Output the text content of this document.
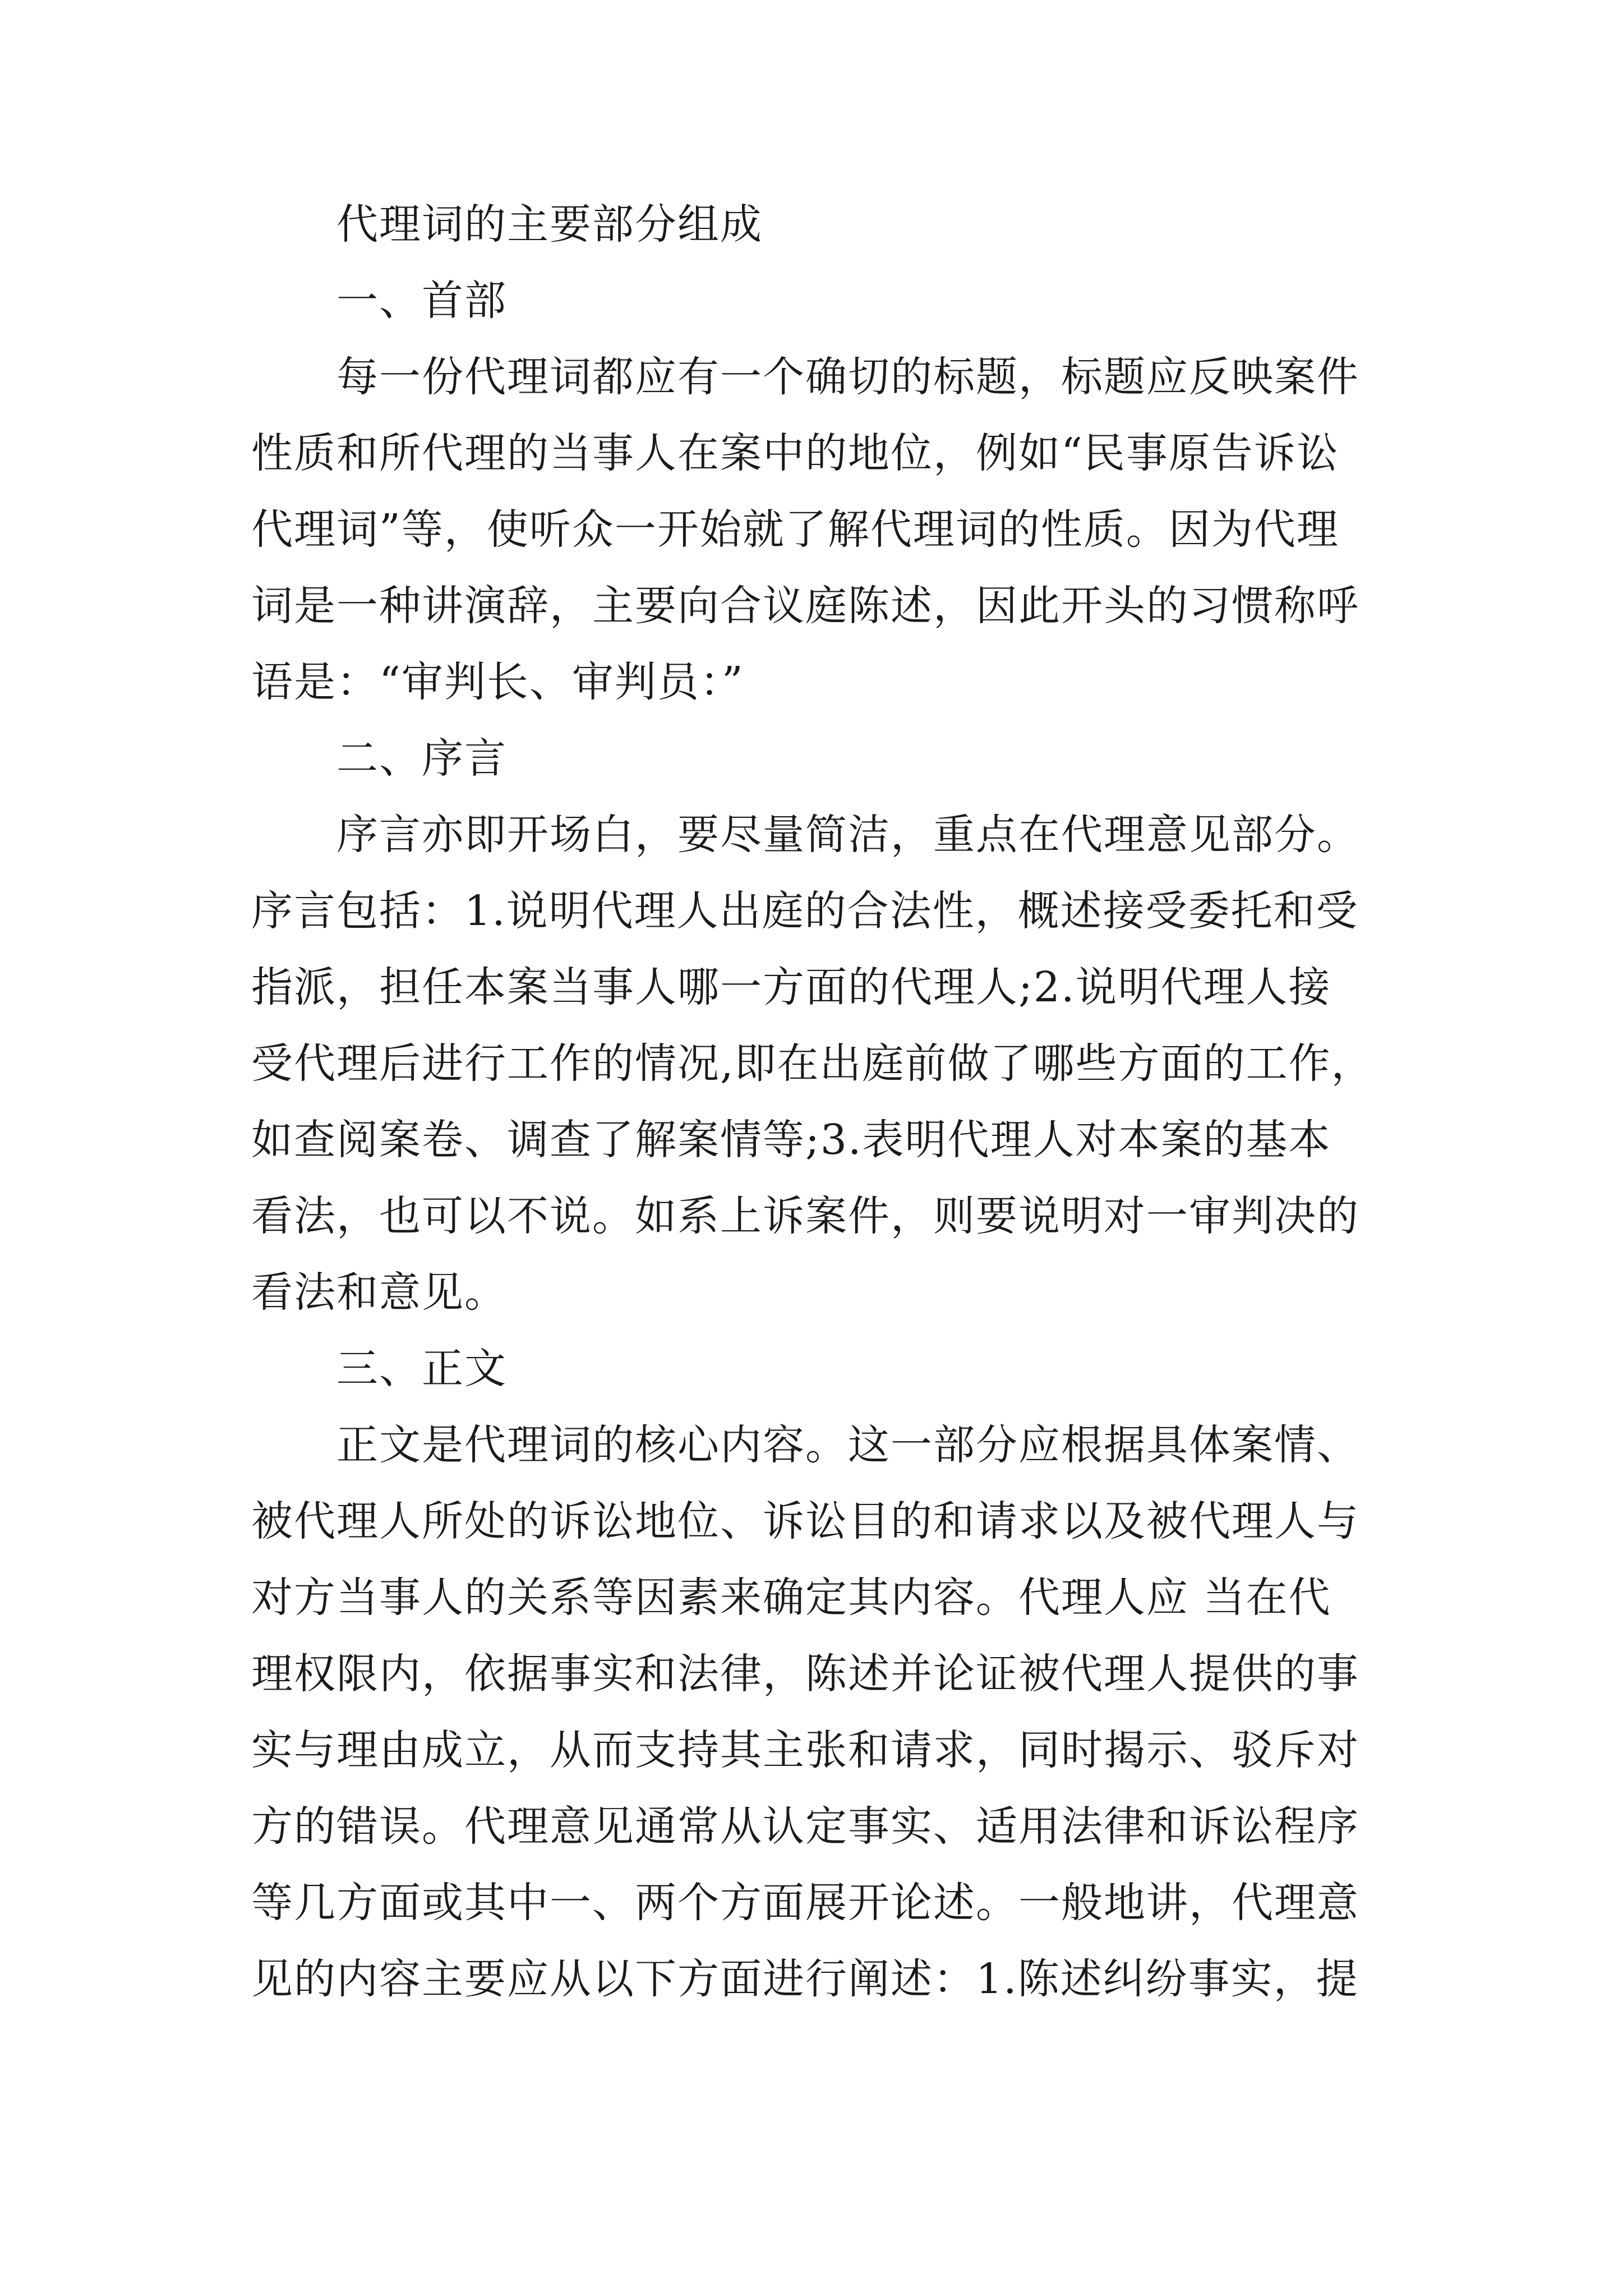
代理词的主要部分组成
一、首部
每一份代理词都应有一个确切的标题，标题应反映案件
性质和所代理的当事人在案中的地位，例如“民事原告诉讼
代理词”等，使听众一开始就了解代理词的性质。因为代理
词是一种讲演辞，主要向合议庭陈述，因此开头的习惯称呼
语是：“审判长、审判员：”
二、序言
序言亦即开场白，要尽量简洁，重点在代理意见部分。
序言包括：1.说明代理人出庭的合法性，概述接受委托和受
指派，担任本案当事人哪一方面的代理人;2.说明代理人接
受代理后进行工作的情况,即在出庭前做了哪些方面的工作，
如查阅案卷、调查了解案情等;3.表明代理人对本案的基本
看法，也可以不说。如系上诉案件，则要说明对一审判决的
看法和意见。
三、正文
正文是代理词的核心内容。这一部分应根据具体案情、
被代理人所处的诉讼地位、诉讼目的和请求以及被代理人与
对方当事人的关系等因素来确定其内容。代理人应 当在代
理权限内，依据事实和法律，陈述并论证被代理人提供的事
实与理由成立，从而支持其主张和请求，同时揭示、驳斥对
方的错误。代理意见通常从认定事实、适用法律和诉讼程序
等几方面或其中一、两个方面展开论述。一般地讲，代理意
见的内容主要应从以下方面进行阐述：1.陈述纠纷事实，提
